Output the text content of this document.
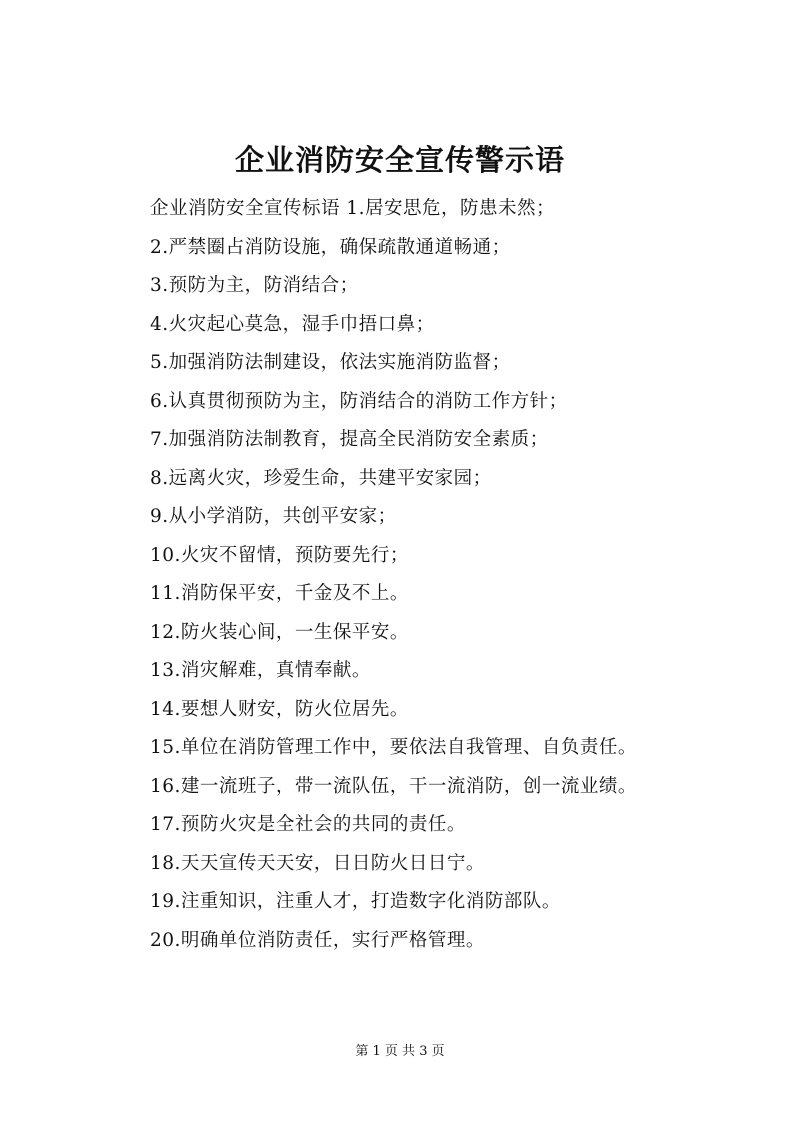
企业消防安全宣传警示语
企业消防安全宣传标语 1.居安思危，防患未然；
2.严禁圈占消防设施，确保疏散通道畅通；
3.预防为主，防消结合；
4.火灾起心莫急，湿手巾捂口鼻；
5.加强消防法制建设，依法实施消防监督；
6.认真贯彻预防为主，防消结合的消防工作方针；
7.加强消防法制教育，提高全民消防安全素质；
8.远离火灾，珍爱生命，共建平安家园；
9.从小学消防，共创平安家；
10.火灾不留情，预防要先行；
11.消防保平安，千金及不上。
12.防火装心间，一生保平安。
13.消灾解难，真情奉献。
14.要想人财安，防火位居先。
15.单位在消防管理工作中，要依法自我管理、自负责任。
16.建一流班子，带一流队伍，干一流消防，创一流业绩。
17.预防火灾是全社会的共同的责任。
18.天天宣传天天安，日日防火日日宁。
19.注重知识，注重人才，打造数字化消防部队。
20.明确单位消防责任，实行严格管理。
第 1 页 共 3 页
